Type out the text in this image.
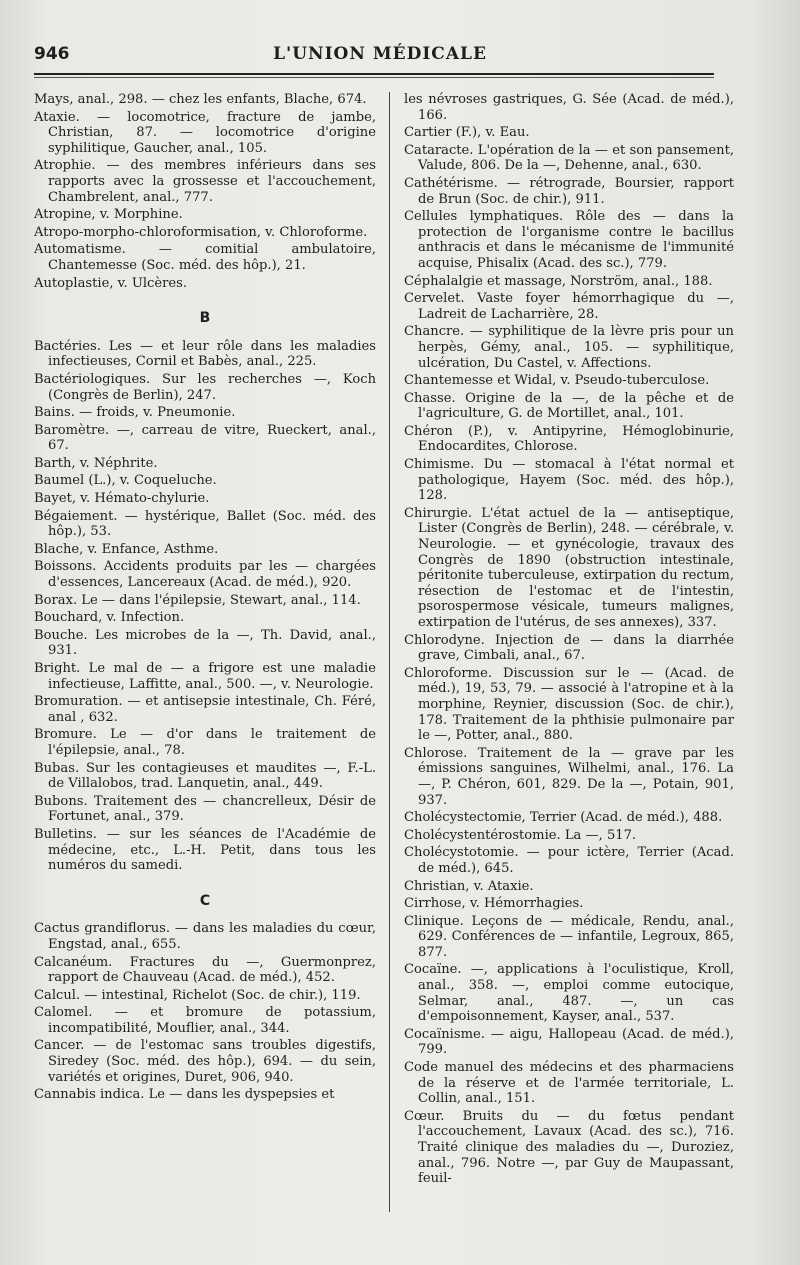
946	L'UNION MÉDICALE

Mays, anal., 298. — chez les enfants, Blache, 674.

Ataxie. — locomotrice, fracture de jambe, Christian, 87. — locomotrice d'origine syphilitique, Gaucher, anal., 105.

Atrophie. — des membres inférieurs dans ses rapports avec la grossesse et l'accouchement, Chambrelent, anal., 777.

Atropine, v. Morphine.

Atropo-morpho-chloroformisation, v. Chloroforme.

Automatisme. — comitial ambulatoire, Chantemesse (Soc. méd. des hôp.), 21.

Autoplastie, v. Ulcères.

B

Bactéries. Les — et leur rôle dans les maladies infectieuses, Cornil et Babès, anal., 225.

Bactériologiques. Sur les recherches —, Koch (Congrès de Berlin), 247.

Bains. — froids, v. Pneumonie.

Baromètre. —, carreau de vitre, Rueckert, anal., 67.

Barth, v. Néphrite.

Baumel (L.), v. Coqueluche.

Bayet, v. Hémato-chylurie.

Bégaiement. — hystérique, Ballet (Soc. méd. des hôp.), 53.

Blache, v. Enfance, Asthme.

Boissons. Accidents produits par les — chargées d'essences, Lancereaux (Acad. de méd.), 920.

Borax. Le — dans l'épilepsie, Stewart, anal., 114.

Bouchard, v. Infection.

Bouche. Les microbes de la —, Th. David, anal., 931.

Bright. Le mal de — a frigore est une maladie infectieuse, Laffitte, anal., 500. —, v. Neurologie.

Bromuration. — et antisepsie intestinale, Ch. Féré, anal , 632.

Bromure. Le — d'or dans le traitement de l'épilepsie, anal., 78.

Bubas. Sur les contagieuses et maudites —, F.-L. de Villalobos, trad. Lanquetin, anal., 449.

Bubons. Traitement des — chancrelleux, Désir de Fortunet, anal., 379.

Bulletins. — sur les séances de l'Académie de médecine, etc., L.-H. Petit, dans tous les numéros du samedi.

C

Cactus grandiflorus. — dans les maladies du cœur, Engstad, anal., 655.

Calcanéum. Fractures du —, Guermonprez, rapport de Chauveau (Acad. de méd.), 452.

Calcul. — intestinal, Richelot (Soc. de chir.), 119.

Calomel. — et bromure de potassium, incompatibilité, Mouflier, anal., 344.

Cancer. — de l'estomac sans troubles digestifs, Siredey (Soc. méd. des hôp.), 694. — du sein, variétés et origines, Duret, 906, 940.

Cannabis indica. Le — dans les dyspepsies et

les névroses gastriques, G. Sée (Acad. de méd.), 166.

Cartier (F.), v. Eau.

Cataracte. L'opération de la — et son pansement, Valude, 806. De la —, Dehenne, anal., 630.

Cathétérisme. — rétrograde, Boursier, rapport de Brun (Soc. de chir.), 911.

Cellules lymphatiques. Rôle des — dans la protection de l'organisme contre le bacillus anthracis et dans le mécanisme de l'immunité acquise, Phisalix (Acad. des sc.), 779.

Céphalalgie et massage, Norström, anal., 188.

Cervelet. Vaste foyer hémorrhagique du —, Ladreit de Lacharrière, 28.

Chancre. — syphilitique de la lèvre pris pour un herpès, Gémy, anal., 105. — syphilitique, ulcération, Du Castel, v. Affections.

Chantemesse et Widal, v. Pseudo-tuberculose.

Chasse. Origine de la —, de la pêche et de l'agriculture, G. de Mortillet, anal., 101.

Chéron (P.), v. Antipyrine, Hémoglobinurie, Endocardites, Chlorose.

Chimisme. Du — stomacal à l'état normal et pathologique, Hayem (Soc. méd. des hôp.), 128.

Chirurgie. L'état actuel de la — antiseptique, Lister (Congrès de Berlin), 248. — cérébrale, v. Neurologie. — et gynécologie, travaux des Congrès de 1890 (obstruction intestinale, péritonite tuberculeuse, extirpation du rectum, résection de l'estomac et de l'intestin, psorospermose vésicale, tumeurs malignes, extirpation de l'utérus, de ses annexes), 337.

Chlorodyne. Injection de — dans la diarrhée grave, Cimbali, anal., 67.

Chloroforme. Discussion sur le — (Acad. de méd.), 19, 53, 79. — associé à l'atropine et à la morphine, Reynier, discussion (Soc. de chir.), 178. Traitement de la phthisie pulmonaire par le —, Potter, anal., 880.

Chlorose. Traitement de la — grave par les émissions sanguines, Wilhelmi, anal., 176. La —, P. Chéron, 601, 829. De la —, Potain, 901, 937.

Cholécystectomie, Terrier (Acad. de méd.), 488.

Cholécystentérostomie. La —, 517.

Cholécystotomie. — pour ictère, Terrier (Acad. de méd.), 645.

Christian, v. Ataxie.

Cirrhose, v. Hémorrhagies.

Clinique. Leçons de — médicale, Rendu, anal., 629. Conférences de — infantile, Legroux, 865, 877.

Cocaïne. —, applications à l'oculistique, Kroll, anal., 358. —, emploi comme eutocique, Selmar, anal., 487. —, un cas d'empoisonnement, Kayser, anal., 537.

Cocaïnisme. — aigu, Hallopeau (Acad. de méd.), 799.

Code manuel des médecins et des pharmaciens de la réserve et de l'armée territoriale, L. Collin, anal., 151.

Cœur. Bruits du — du fœtus pendant l'accouchement, Lavaux (Acad. des sc.), 716. Traité clinique des maladies du —, Duroziez, anal., 796. Notre —, par Guy de Maupassant, feuil-
